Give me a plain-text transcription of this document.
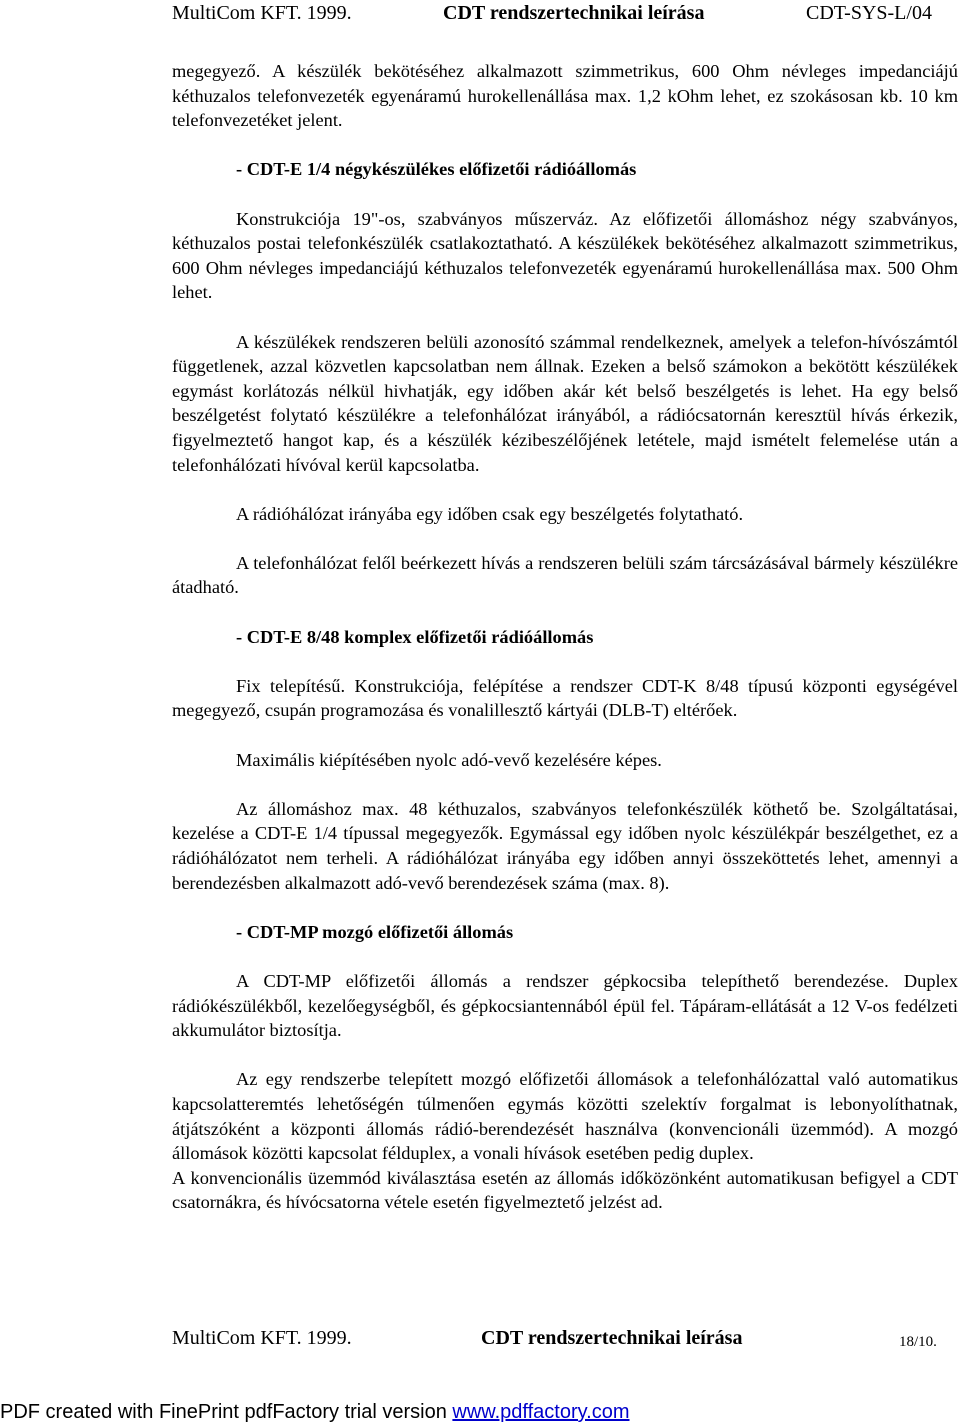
MultiCom KFT. 1999.	CDT rendszertechnikai leírása	CDT-SYS-L/04

megegyező. A készülék bekötéséhez alkalmazott szimmetrikus, 600 Ohm névleges impedanciájú kéthuzalos telefonvezeték egyenáramú hurokellenállása max. 1,2 kOhm lehet, ez szokásosan kb. 10 km telefonvezetéket jelent.

- CDT-E 1/4 négykészülékes előfizetői rádióállomás

Konstrukciója 19"-os, szabványos műszerváz. Az előfizetői állomáshoz négy szabványos, kéthuzalos postai telefonkészülék csatlakoztatható. A készülékek bekötéséhez alkalmazott szimmetrikus, 600 Ohm névleges impedanciájú kéthuzalos telefonvezeték egyenáramú hurokellenállása max. 500 Ohm lehet.

A készülékek rendszeren belüli azonosító számmal rendelkeznek, amelyek a telefon-hívószámtól függetlenek, azzal közvetlen kapcsolatban nem állnak. Ezeken a belső számokon a bekötött készülékek egymást korlátozás nélkül hivhatják, egy időben akár két belső beszélgetés is lehet. Ha egy belső beszélgetést folytató készülékre a telefonhálózat irányából, a rádiócsatornán keresztül hívás érkezik, figyelmeztető hangot kap, és a készülék kézibeszélőjének letétele, majd ismételt felemelése után a telefonhálózati hívóval kerül kapcsolatba.

A rádióhálózat irányába egy időben csak egy beszélgetés folytatható.

A telefonhálózat felől beérkezett hívás a rendszeren belüli szám tárcsázásával bármely készülékre átadható.

- CDT-E 8/48 komplex előfizetői rádióállomás

Fix telepítésű. Konstrukciója, felépítése a rendszer CDT-K 8/48 típusú központi egységével megegyező, csupán programozása és vonalillesztő kártyái (DLB-T) eltérőek.

Maximális kiépítésében nyolc adó-vevő kezelésére képes.

Az állomáshoz max. 48 kéthuzalos, szabványos telefonkészülék köthető be. Szolgáltatásai, kezelése a CDT-E 1/4 típussal megegyezők. Egymással egy időben nyolc készülékpár beszélgethet, ez a rádióhálózatot nem terheli. A rádióhálózat irányába egy időben annyi összeköttetés lehet, amennyi a berendezésben alkalmazott adó-vevő berendezések száma (max. 8).

- CDT-MP mozgó előfizetői állomás

A CDT-MP előfizetői állomás a rendszer gépkocsiba telepíthető berendezése. Duplex rádiókészülékből, kezelőegységből, és gépkocsiantennából épül fel. Tápáram-ellátását a 12 V-os fedélzeti akkumulátor biztosítja.

Az egy rendszerbe telepített mozgó előfizetői állomások a telefonhálózattal való automatikus kapcsolatteremtés lehetőségén túlmenően egymás közötti szelektív forgalmat is lebonyolíthatnak, átjátszóként a központi állomás rádió-berendezését használva (konvencionáli üzemmód). A mozgó állomások közötti kapcsolat félduplex, a vonali hívások esetében pedig duplex.

A konvencionális üzemmód kiválasztása esetén az állomás időközönként automatikusan befigyel a CDT csatornákra, és hívócsatorna vétele esetén figyelmeztető jelzést ad.

MultiCom KFT. 1999.	CDT rendszertechnikai leírása	18/10.
PDF created with FinePrint pdfFactory trial version www.pdffactory.com
